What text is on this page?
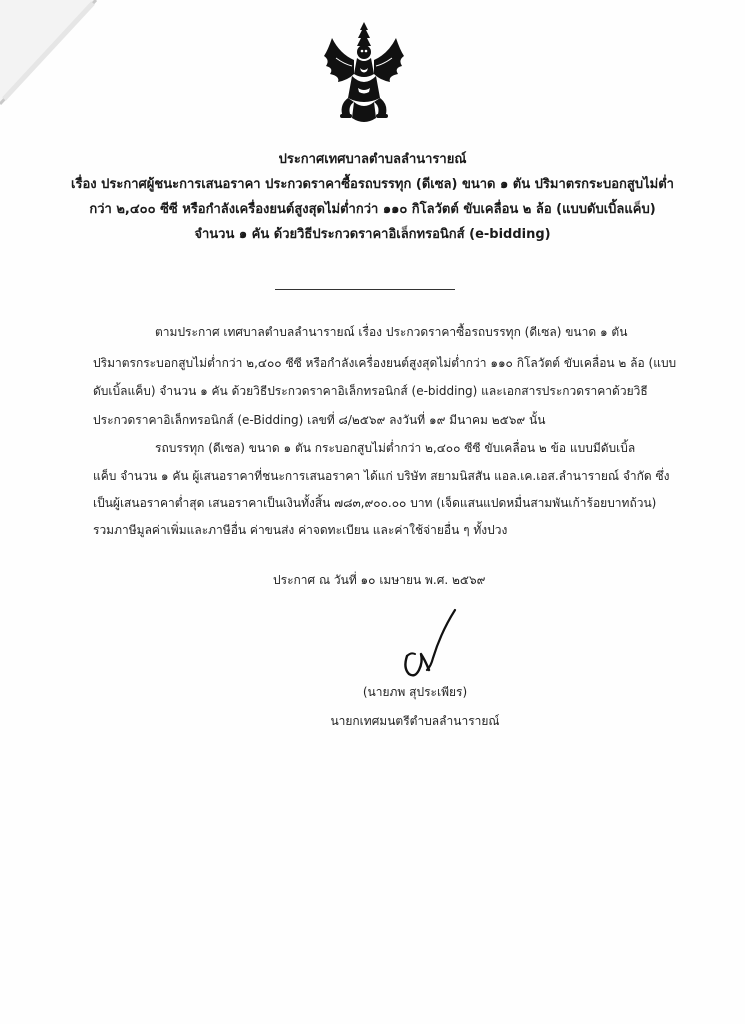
ประกาศเทศบาลตำบลลำนารายณ์
เรื่อง ประกาศผู้ชนะการเสนอราคา ประกวดราคาซื้อรถบรรทุก (ดีเซล) ขนาด ๑ ตัน ปริมาตรกระบอกสูบไม่ต่ำ
กว่า ๒,๔๐๐ ซีซี หรือกำลังเครื่องยนต์สูงสุดไม่ต่ำกว่า ๑๑๐ กิโลวัตต์ ขับเคลื่อน ๒ ล้อ (แบบดับเบิ้ลแค็บ)
จำนวน ๑ คัน ด้วยวิธีประกวดราคาอิเล็กทรอนิกส์ (e-bidding)
ตามประกาศ เทศบาลตำบลลำนารายณ์ เรื่อง ประกวดราคาซื้อรถบรรทุก (ดีเซล) ขนาด ๑ ตัน
ปริมาตรกระบอกสูบไม่ต่ำกว่า ๒,๔๐๐ ซีซี หรือกำลังเครื่องยนต์สูงสุดไม่ต่ำกว่า ๑๑๐ กิโลวัตต์ ขับเคลื่อน ๒ ล้อ (แบบ
ดับเบิ้ลแค็บ) จำนวน ๑ คัน ด้วยวิธีประกวดราคาอิเล็กทรอนิกส์ (e-bidding) และเอกสารประกวดราคาด้วยวิธี
ประกวดราคาอิเล็กทรอนิกส์ (e-Bidding) เลขที่ ๘/๒๕๖๙ ลงวันที่ ๑๙ มีนาคม ๒๕๖๙ นั้น
รถบรรทุก (ดีเซล) ขนาด ๑ ตัน กระบอกสูบไม่ต่ำกว่า ๒,๔๐๐ ซีซี ขับเคลื่อน ๒ ข้อ แบบมีดับเบิ้ล
แค็บ จำนวน ๑ คัน ผู้เสนอราคาที่ชนะการเสนอราคา ได้แก่ บริษัท สยามนิสสัน แอล.เค.เอส.ลำนารายณ์ จำกัด ซึ่ง
เป็นผู้เสนอราคาต่ำสุด เสนอราคาเป็นเงินทั้งสิ้น ๗๘๓,๙๐๐.๐๐ บาท (เจ็ดแสนแปดหมื่นสามพันเก้าร้อยบาทถ้วน)
รวมภาษีมูลค่าเพิ่มและภาษีอื่น ค่าขนส่ง ค่าจดทะเบียน และค่าใช้จ่ายอื่น ๆ ทั้งปวง
ประกาศ ณ วันที่ ๑๐ เมษายน พ.ศ. ๒๕๖๙
(นายภพ สุประเพียร)
นายกเทศมนตรีตำบลลำนารายณ์
